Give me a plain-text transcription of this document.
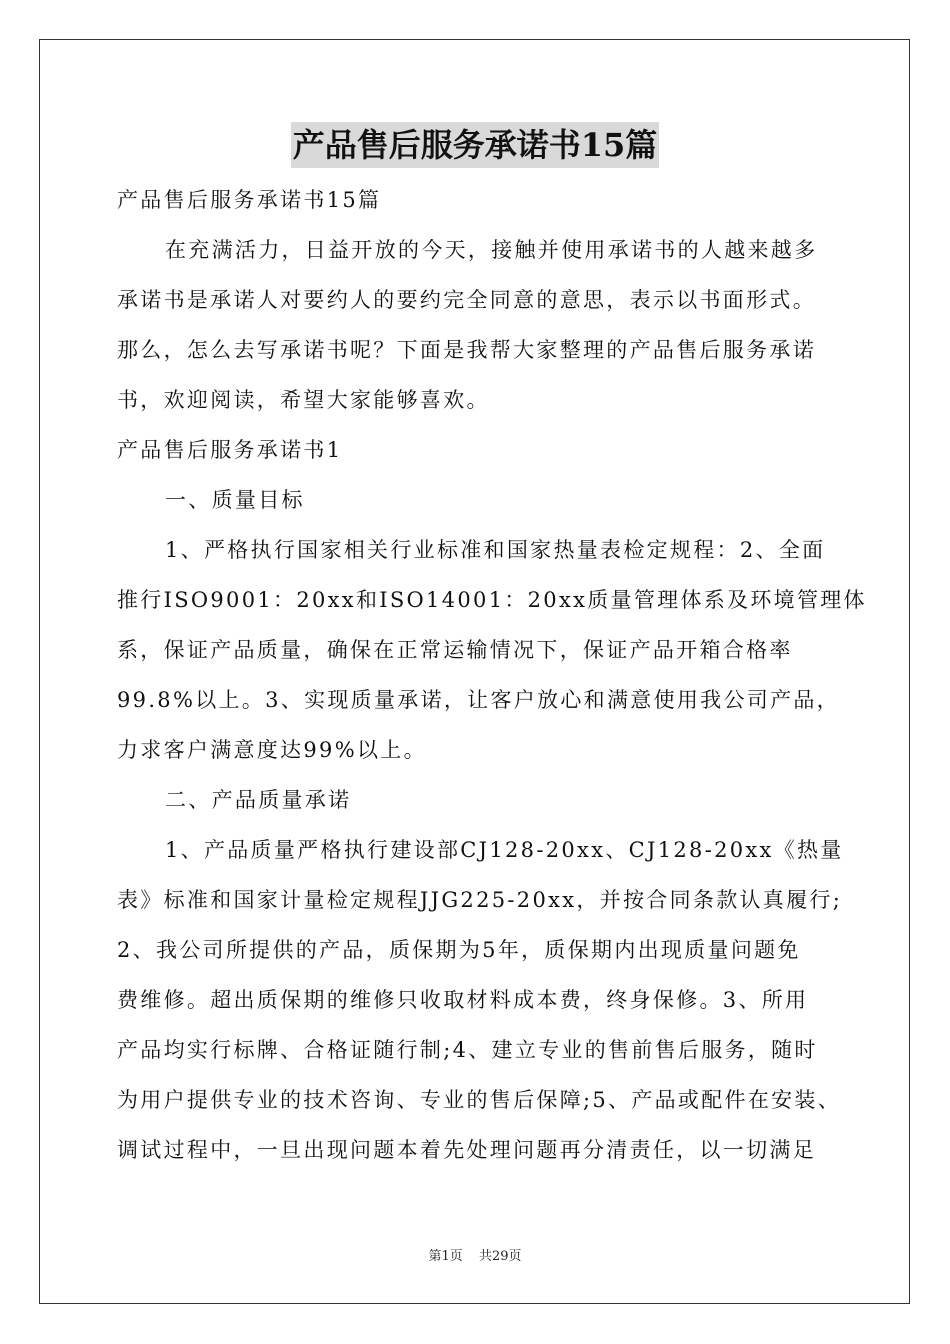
产品售后服务承诺书15篇
产品售后服务承诺书15篇
在充满活力，日益开放的今天，接触并使用承诺书的人越来越多
承诺书是承诺人对要约人的要约完全同意的意思，表示以书面形式。
那么，怎么去写承诺书呢？下面是我帮大家整理的产品售后服务承诺
书，欢迎阅读，希望大家能够喜欢。
产品售后服务承诺书1
一、质量目标
1、严格执行国家相关行业标准和国家热量表检定规程：2、全面
推行ISO9001：20xx和ISO14001：20xx质量管理体系及环境管理体
系，保证产品质量，确保在正常运输情况下，保证产品开箱合格率
99.8%以上。3、实现质量承诺，让客户放心和满意使用我公司产品，
力求客户满意度达99%以上。
二、产品质量承诺
1、产品质量严格执行建设部CJ128-20xx、CJ128-20xx《热量
表》标准和国家计量检定规程JJG225-20xx，并按合同条款认真履行;
2、我公司所提供的产品，质保期为5年，质保期内出现质量问题免
费维修。超出质保期的维修只收取材料成本费，终身保修。3、所用
产品均实行标牌、合格证随行制;4、建立专业的售前售后服务，随时
为用户提供专业的技术咨询、专业的售后保障;5、产品或配件在安装、
调试过程中，一旦出现问题本着先处理问题再分清责任，以一切满足
第1页 共29页
